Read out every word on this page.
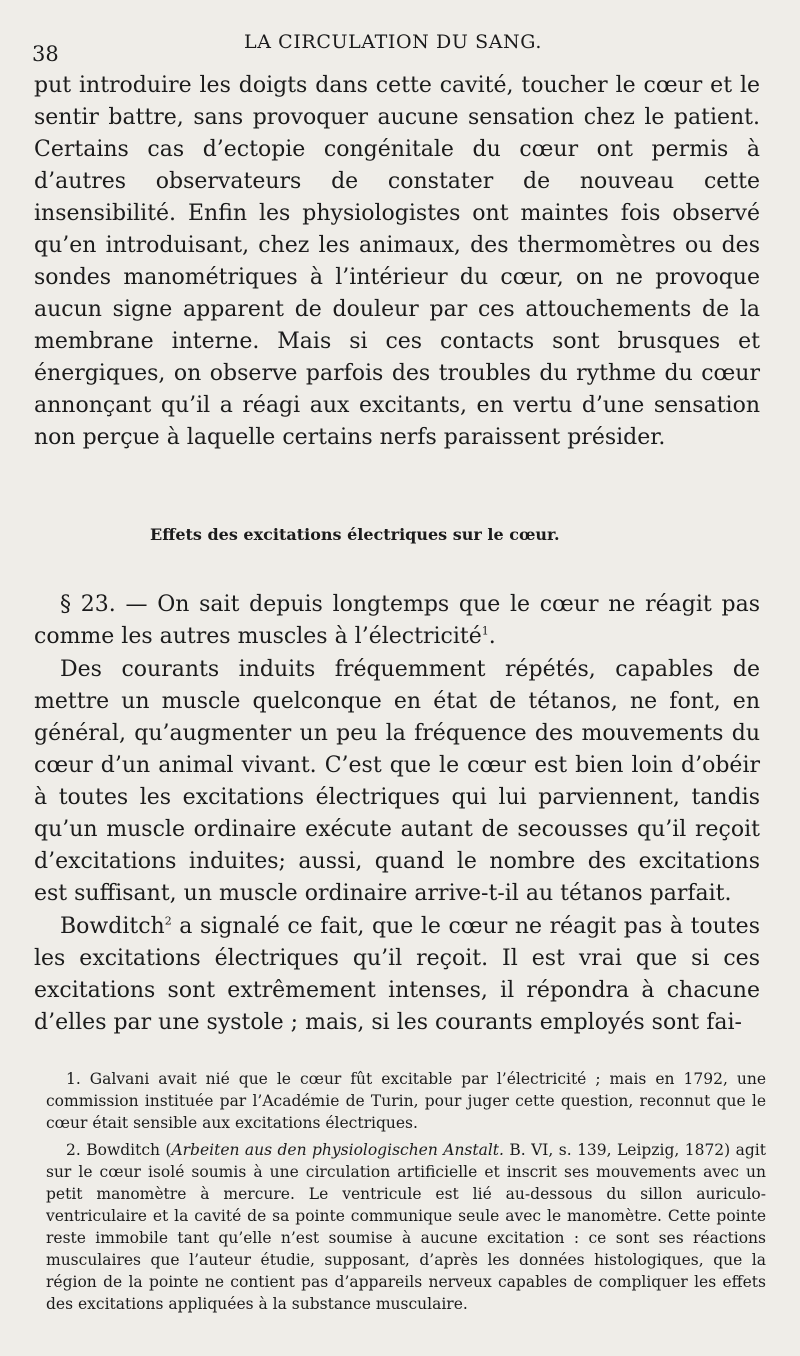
38	LA CIRCULATION DU SANG.

put introduire les doigts dans cette cavité, toucher le cœur et le sentir battre, sans provoquer aucune sensation chez le patient. Certains cas d’ectopie congénitale du cœur ont permis à d’autres observateurs de constater de nouveau cette insensibilité. Enfin les physiologistes ont maintes fois observé qu’en introduisant, chez les animaux, des thermomètres ou des sondes manométriques à l’intérieur du cœur, on ne provoque aucun signe apparent de douleur par ces attouchements de la membrane interne. Mais si ces contacts sont brusques et énergiques, on observe parfois des troubles du rythme du cœur annonçant qu’il a réagi aux excitants, en vertu d’une sensation non perçue à laquelle certains nerfs paraissent présider.

Effets des excitations électriques sur le cœur.

§ 23. — On sait depuis longtemps que le cœur ne réagit pas comme les autres muscles à l’électricité$^1$.

Des courants induits fréquemment répétés, capables de mettre un muscle quelconque en état de tétanos, ne font, en général, qu’augmenter un peu la fréquence des mouvements du cœur d’un animal vivant. C’est que le cœur est bien loin d’obéir à toutes les excitations électriques qui lui parviennent, tandis qu’un muscle ordinaire exécute autant de secousses qu’il reçoit d’excitations induites; aussi, quand le nombre des excitations est suffisant, un muscle ordinaire arrive-t-il au tétanos parfait.

Bowditch$^2$ a signalé ce fait, que le cœur ne réagit pas à toutes les excitations électriques qu’il reçoit. Il est vrai que si ces excitations sont extrêmement intenses, il répondra à chacune d’elles par une systole ; mais, si les courants employés sont fai-

1. Galvani avait nié que le cœur fût excitable par l’électricité ; mais en 1792, une commission instituée par l’Académie de Turin, pour juger cette question, reconnut que le cœur était sensible aux excitations électriques.

2. Bowditch (Arbeiten aus den physiologischen Anstalt. B. VI, s. 139, Leipzig, 1872) agit sur le cœur isolé soumis à une circulation artificielle et inscrit ses mouvements avec un petit manomètre à mercure. Le ventricule est lié au-dessous du sillon auriculo-ventriculaire et la cavité de sa pointe communique seule avec le manomètre. Cette pointe reste immobile tant qu’elle n’est soumise à aucune excitation : ce sont ses réactions musculaires que l’auteur étudie, supposant, d’après les données histologiques, que la région de la pointe ne contient pas d’appareils nerveux capables de compliquer les effets des excitations appliquées à la substance musculaire.
